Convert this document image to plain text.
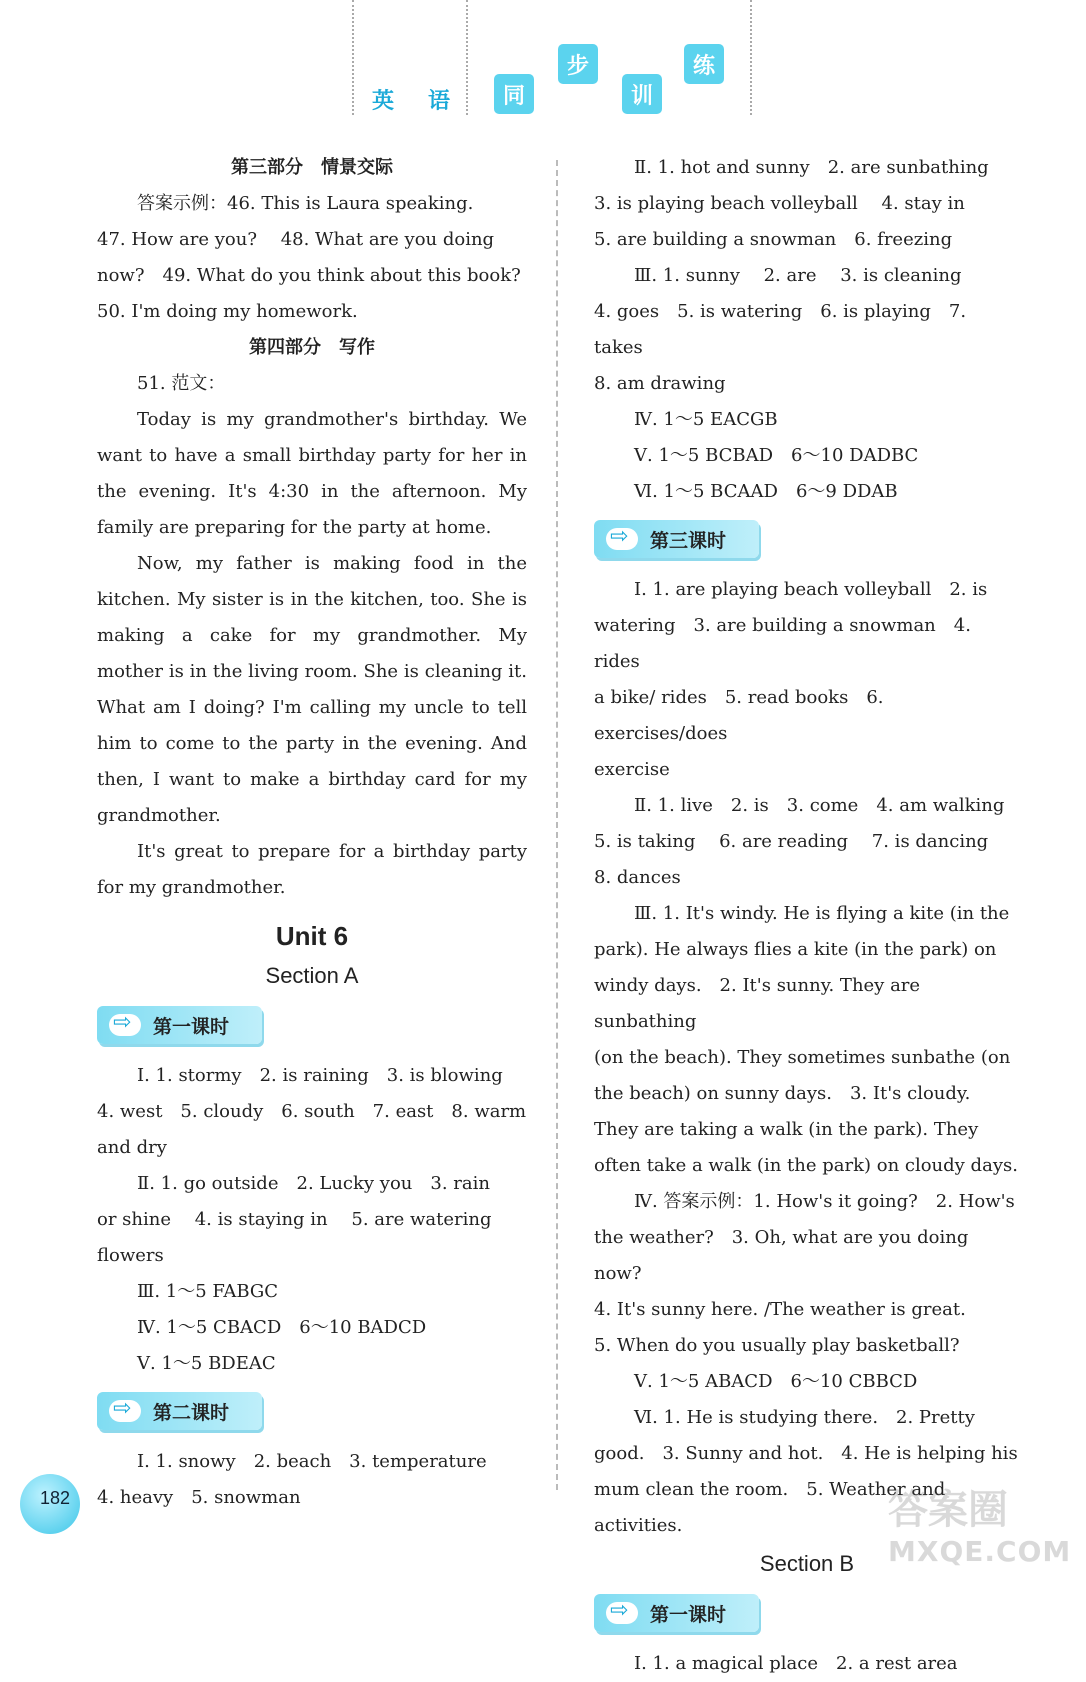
英 语	同
步
训
练
第三部分　情景交际

答案示例：46. This is Laura speaking.

47. How are you?　 48. What are you doing

now?　49. What do you think about this book?

50. I'm doing my homework.

第四部分　写作

51. 范文：

Today is my grandmother's birthday. We want to have a small birthday party for her in the evening. It's 4:30 in the afternoon. My family are preparing for the party at home.

Now, my father is making food in the kitchen. My sister is in the kitchen, too. She is making a cake for my grandmother. My mother is in the living room. She is cleaning it. What am I doing? I'm calling my uncle to tell him to come to the party in the evening. And then, I want to make a birthday card for my grandmother.

It's great to prepare for a birthday party for my grandmother.

Unit 6
Section A
⇨
第一课时

Ⅰ. 1. stormy　2. is raining　3. is blowing

4. west　5. cloudy　6. south　7. east　8. warm

and dry

Ⅱ. 1. go outside　2. Lucky you　3. rain

or shine　 4. is staying in　 5. are watering

flowers

Ⅲ. 1～5 FABGC

Ⅳ. 1～5 CBACD　6～10 BADCD

Ⅴ. 1～5 BDEAC

⇨
第二课时

Ⅰ. 1. snowy　2. beach　3. temperature

4. heavy　5. snowman

Ⅱ. 1. hot and sunny　2. are sunbathing

3. is playing beach volleyball　 4. stay in

5. are building a snowman　6. freezing

Ⅲ. 1. sunny　 2. are　 3. is cleaning

4. goes　5. is watering　6. is playing　7. takes

8. am drawing

Ⅳ. 1～5 EACGB

Ⅴ. 1～5 BCBAD　6～10 DADBC

Ⅵ. 1～5 BCAAD　6～9 DDAB

⇨
第三课时

Ⅰ. 1. are playing beach volleyball　2. is

watering　3. are building a snowman　4. rides

a bike/ rides　5. read books　6. exercises/does

exercise

Ⅱ. 1. live　2. is　3. come　4. am walking

5. is taking　 6. are reading　 7. is dancing

8. dances

Ⅲ. 1. It's windy. He is flying a kite (in the

park). He always flies a kite (in the park) on

windy days.　2. It's sunny. They are sunbathing

(on the beach). They sometimes sunbathe (on

the beach) on sunny days.　3. It's cloudy.

They are taking a walk (in the park). They

often take a walk (in the park) on cloudy days.

Ⅳ. 答案示例：1. How's it going?　2. How's

the weather?　3. Oh, what are you doing now?

4. It's sunny here. /The weather is great.

5. When do you usually play basketball?

Ⅴ. 1～5 ABACD　6～10 CBBCD

Ⅵ. 1. He is studying there.　2. Pretty

good.　3. Sunny and hot.　4. He is helping his

mum clean the room.　5. Weather and activities.

Section B
⇨
第一课时

Ⅰ. 1. a magical place　2. a rest area

182	答案圈
MXQE.COM
